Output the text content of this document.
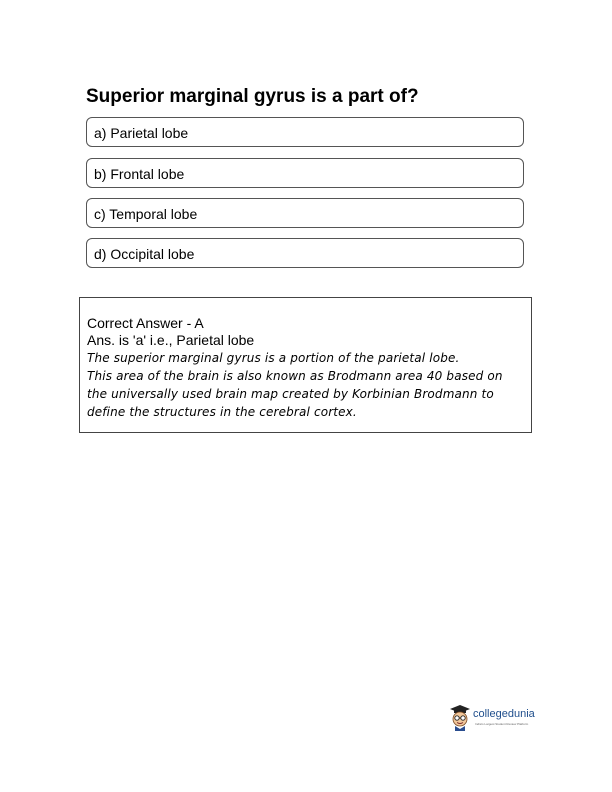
Superior marginal gyrus is a part of?
a) Parietal lobe
b) Frontal lobe
c) Temporal lobe
d) Occipital lobe
Correct Answer - A
Ans. is 'a' i.e., Parietal lobe
The superior marginal gyrus is a portion of the parietal lobe.
This area of the brain is also known as Brodmann area 40 based on
the universally used brain map created by Korbinian Brodmann to
define the structures in the cerebral cortex.
collegedunia
India's Largest Student Review Platform
